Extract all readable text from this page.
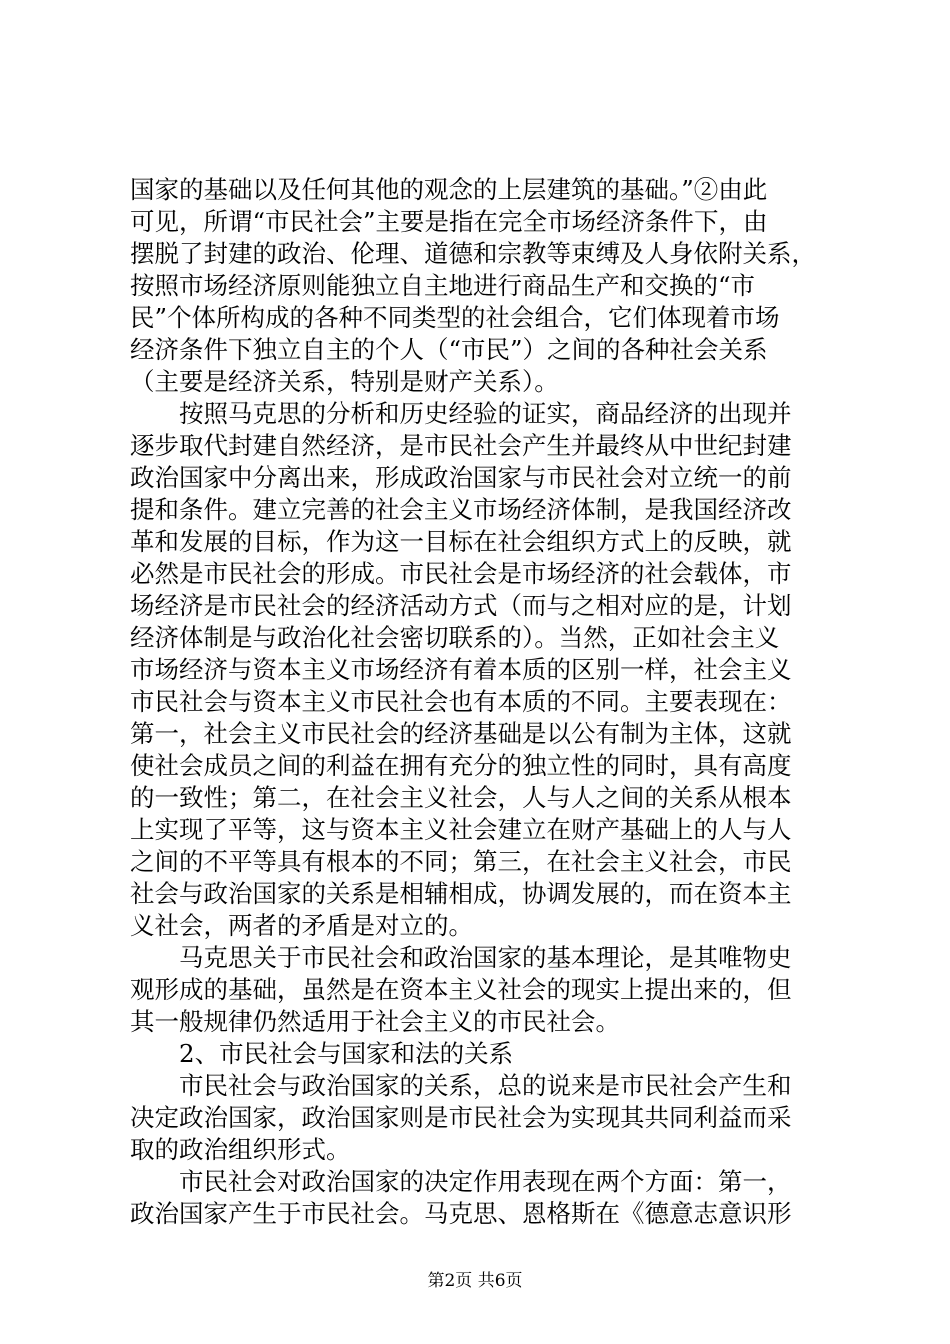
国家的基础以及任何其他的观念的上层建筑的基础。”②由此
可见，所谓“市民社会”主要是指在完全市场经济条件下，由
摆脱了封建的政治、伦理、道德和宗教等束缚及人身依附关系，
按照市场经济原则能独立自主地进行商品生产和交换的“市
民”个体所构成的各种不同类型的社会组合，它们体现着市场
经济条件下独立自主的个人（“市民”）之间的各种社会关系
（主要是经济关系，特别是财产关系）。
　　按照马克思的分析和历史经验的证实，商品经济的出现并
逐步取代封建自然经济，是市民社会产生并最终从中世纪封建
政治国家中分离出来，形成政治国家与市民社会对立统一的前
提和条件。建立完善的社会主义市场经济体制，是我国经济改
革和发展的目标，作为这一目标在社会组织方式上的反映，就
必然是市民社会的形成。市民社会是市场经济的社会载体，市
场经济是市民社会的经济活动方式（而与之相对应的是，计划
经济体制是与政治化社会密切联系的）。当然，正如社会主义
市场经济与资本主义市场经济有着本质的区别一样，社会主义
市民社会与资本主义市民社会也有本质的不同。主要表现在：
第一，社会主义市民社会的经济基础是以公有制为主体，这就
使社会成员之间的利益在拥有充分的独立性的同时，具有高度
的一致性；第二，在社会主义社会，人与人之间的关系从根本
上实现了平等，这与资本主义社会建立在财产基础上的人与人
之间的不平等具有根本的不同；第三，在社会主义社会，市民
社会与政治国家的关系是相辅相成，协调发展的，而在资本主
义社会，两者的矛盾是对立的。
　　马克思关于市民社会和政治国家的基本理论，是其唯物史
观形成的基础，虽然是在资本主义社会的现实上提出来的，但
其一般规律仍然适用于社会主义的市民社会。
　　2、市民社会与国家和法的关系
　　市民社会与政治国家的关系，总的说来是市民社会产生和
决定政治国家，政治国家则是市民社会为实现其共同利益而采
取的政治组织形式。
　　市民社会对政治国家的决定作用表现在两个方面：第一，
政治国家产生于市民社会。马克思、恩格斯在《德意志意识形
第2页 共6页
